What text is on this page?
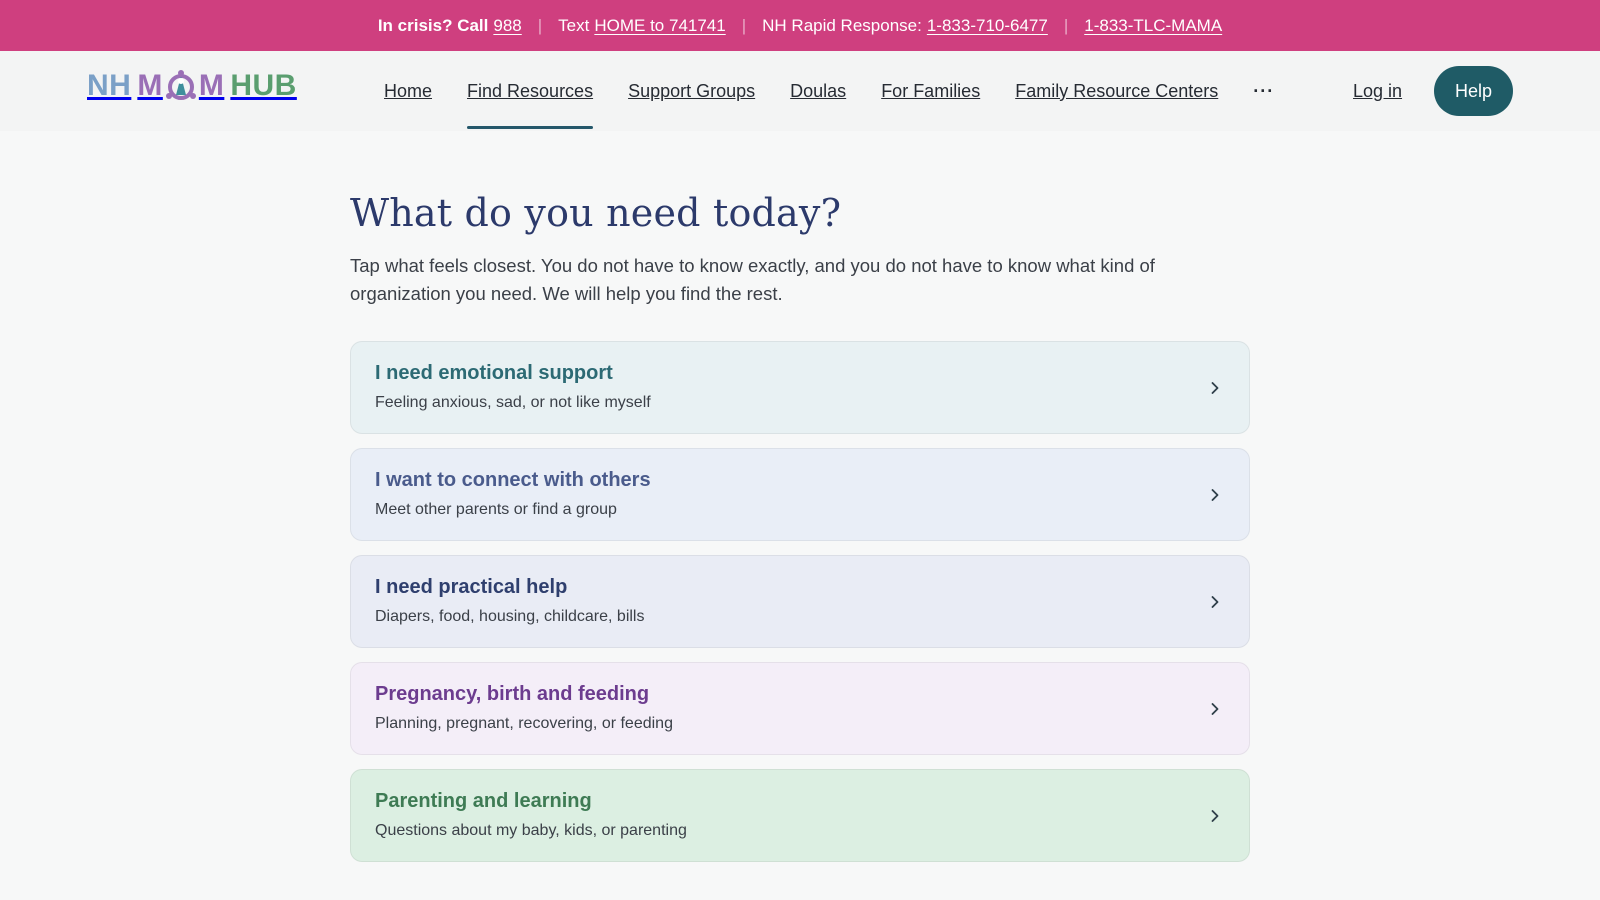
In crisis? Call 988 | Text HOME to 741741 | NH Rapid Response: 1-833-710-6477 | 1-833-TLC-MAMA
NH M M HUB	Home Find Resources Support Groups Doulas For Families Family Resource Centers ···	Log in	Help
What do you need today?

Tap what feels closest. You do not have to know exactly, and you do not have to know what kind of organization you need. We will help you find the rest.

I need emotional support
Feeling anxious, sad, or not like myself
I want to connect with others
Meet other parents or find a group
I need practical help
Diapers, food, housing, childcare, bills
Pregnancy, birth and feeding
Planning, pregnant, recovering, or feeding
Parenting and learning
Questions about my baby, kids, or parenting
